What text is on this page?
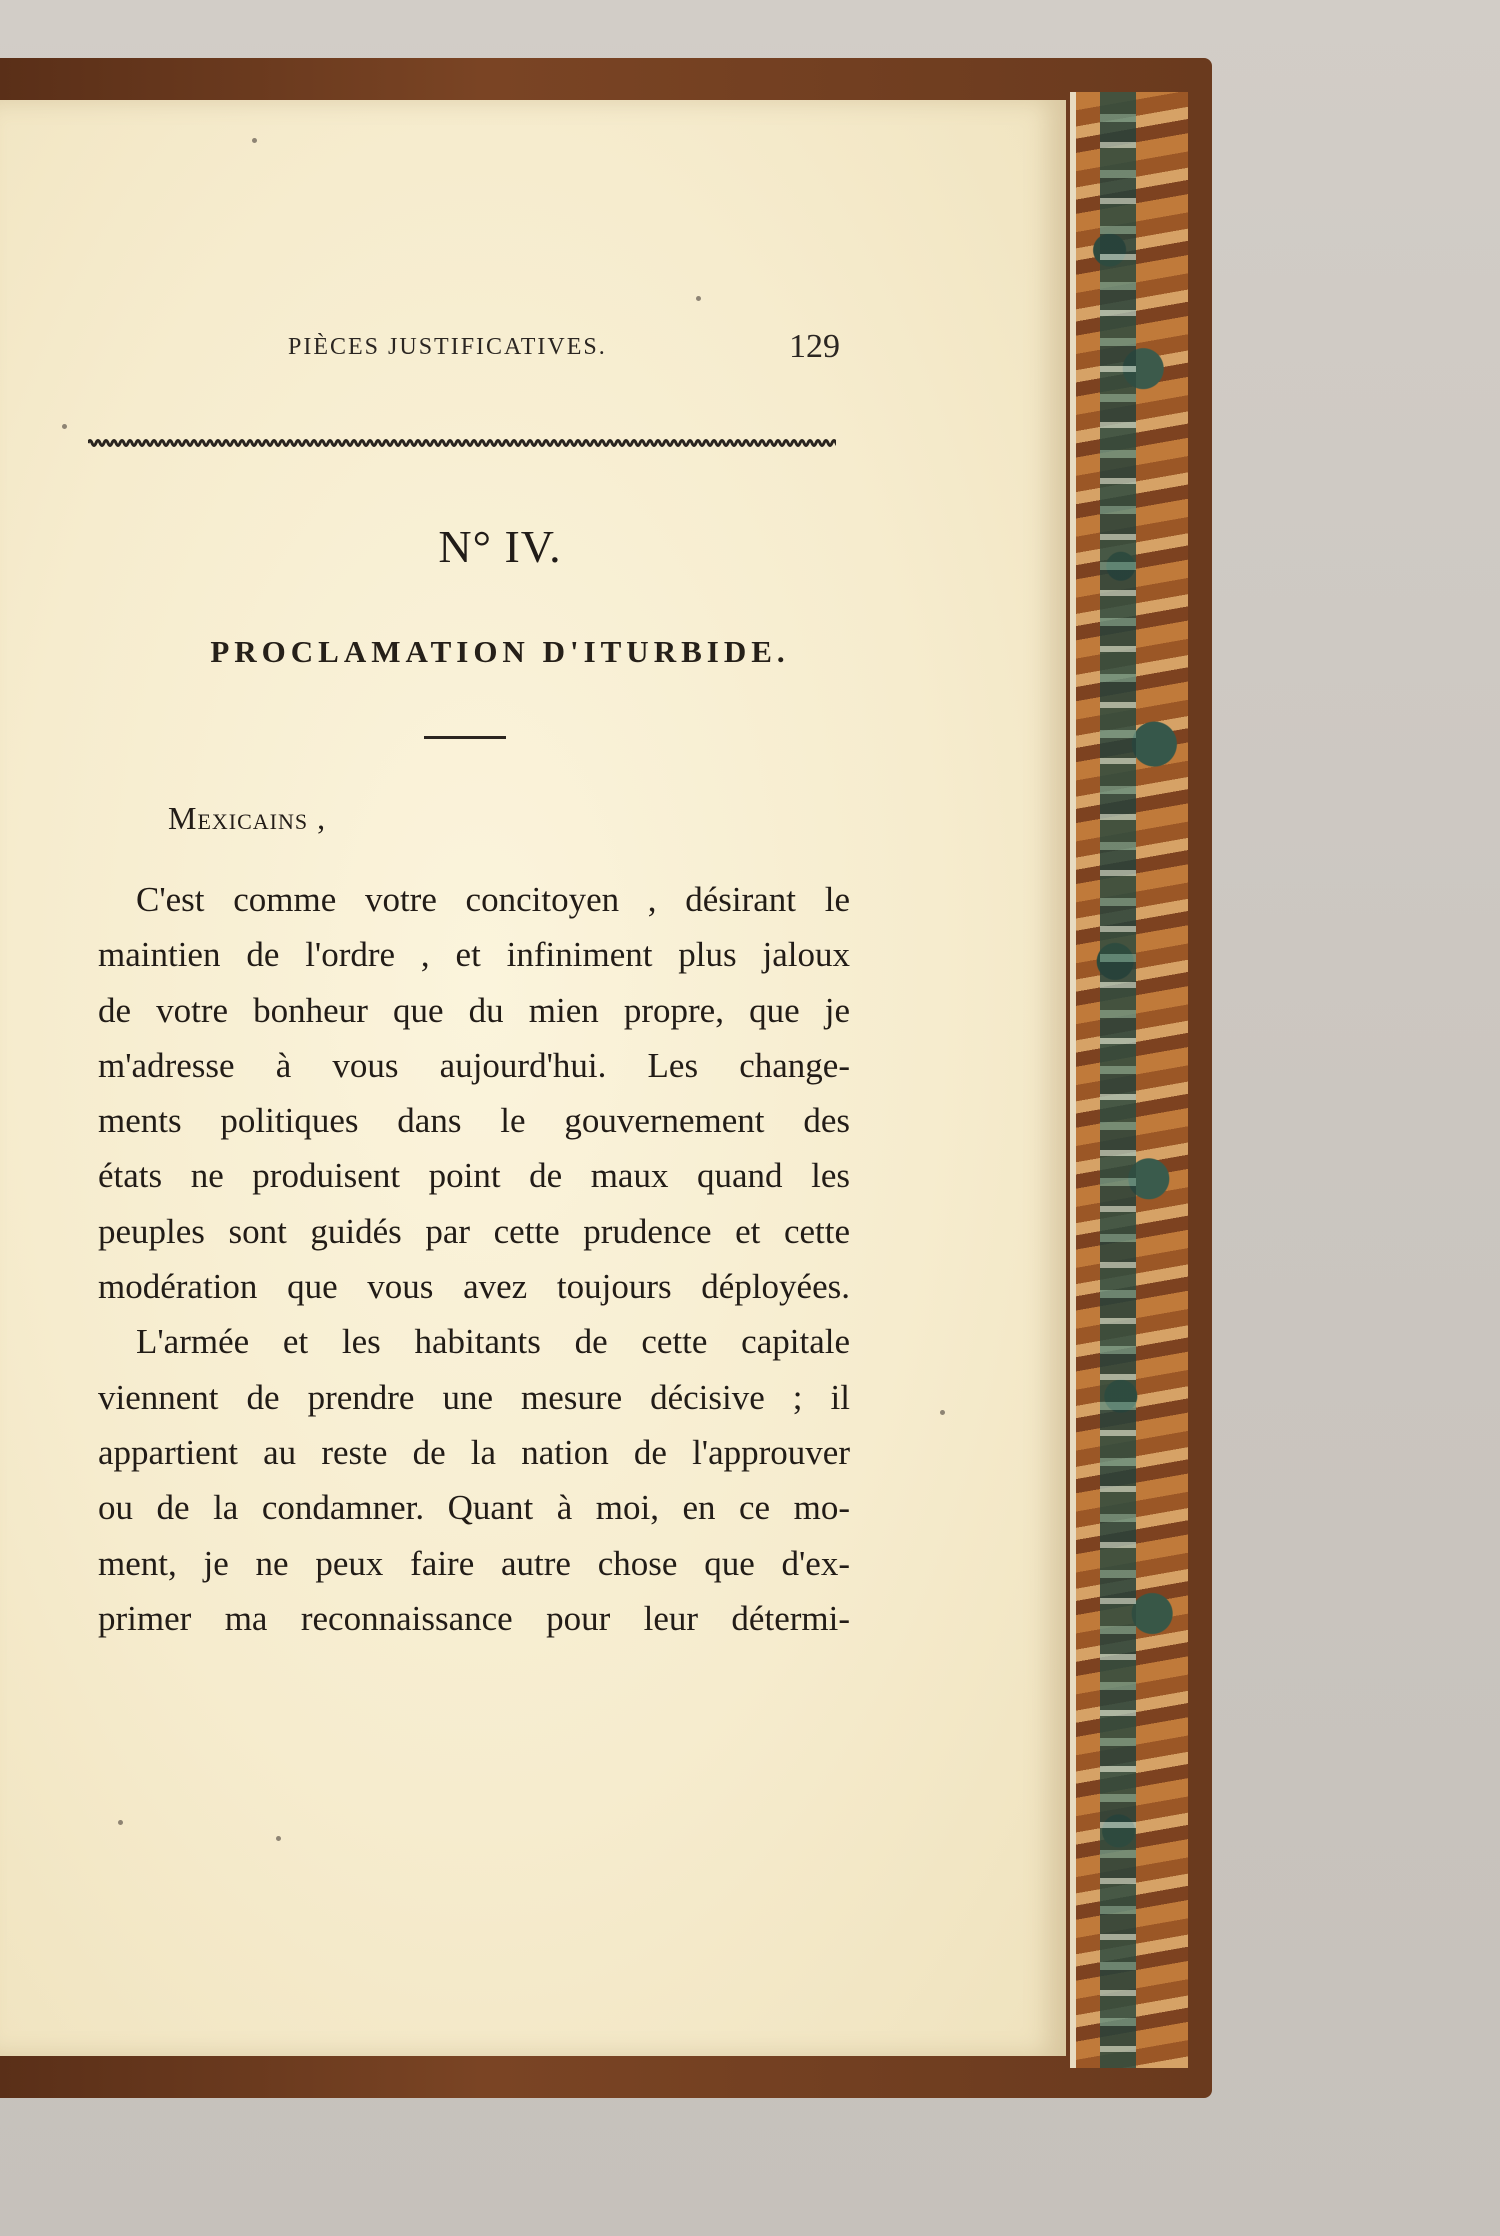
PIÈCES JUSTIFICATIVES.	129
N° IV.
PROCLAMATION D'ITURBIDE.
Mexicains ,
C'est comme votre concitoyen , désirant le
maintien de l'ordre , et infiniment plus jaloux
de votre bonheur que du mien propre, que je
m'adresse à vous aujourd'hui. Les change-
ments politiques dans le gouvernement des
états ne produisent point de maux quand les
peuples sont guidés par cette prudence et cette
modération que vous avez toujours déployées.
L'armée et les habitants de cette capitale
viennent de prendre une mesure décisive ; il
appartient au reste de la nation de l'approuver
ou de la condamner. Quant à moi, en ce mo-
ment, je ne peux faire autre chose que d'ex-
primer ma reconnaissance pour leur détermi-
